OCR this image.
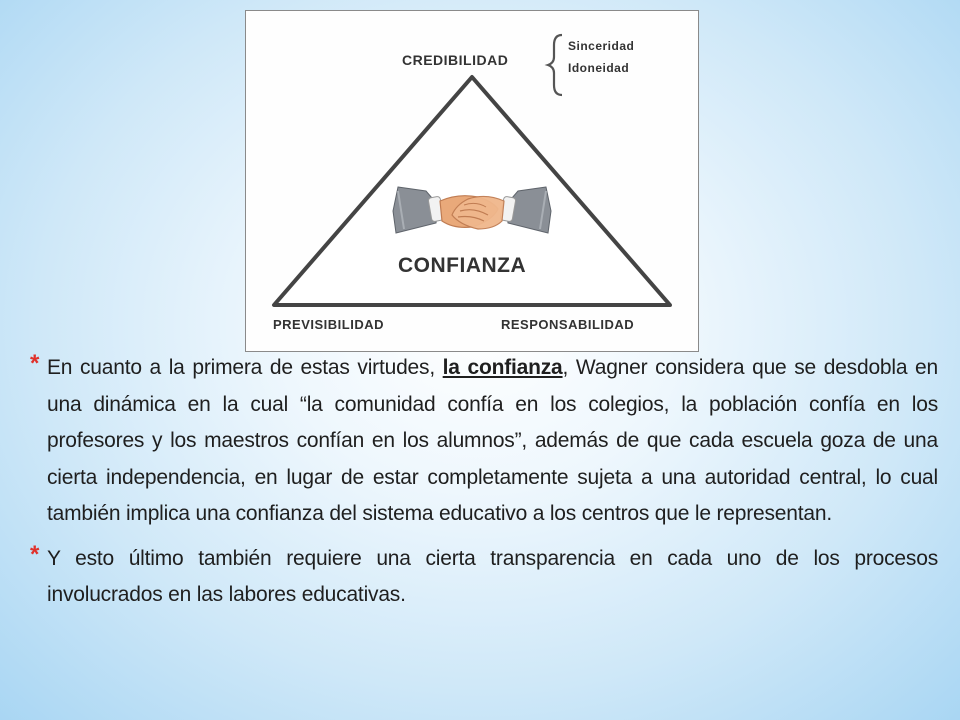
CREDIBILIDAD
Sinceridad
Idoneidad
CONFIANZA
PREVISIBILIDAD	RESPONSABILIDAD
* En cuanto a la primera de estas virtudes, la confianza, Wagner considera que se desdobla en una dinámica en la cual “la comunidad confía en los colegios, la población confía en los profesores y los maestros confían en los alumnos”, además de que cada escuela goza de una cierta independencia, en lugar de estar completamente sujeta a una autoridad central, lo cual también implica una confianza del sistema educativo a los centros que le representan.
* Y esto último también requiere una cierta transparencia en cada uno de los procesos involucrados en las labores educativas.
